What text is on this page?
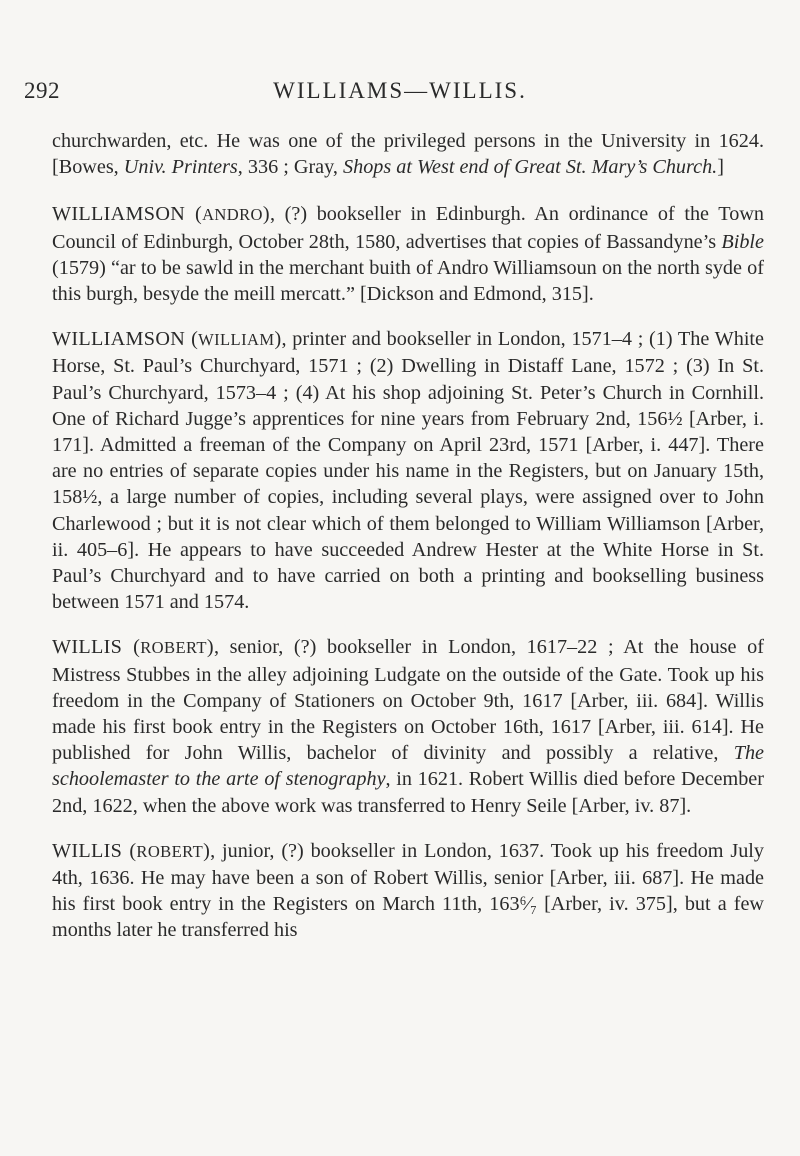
292	WILLIAMS—WILLIS.

churchwarden, etc. He was one of the privileged persons in the University in 1624. [Bowes, Univ. Printers, 336 ; Gray, Shops at West end of Great St. Mary’s Church.]

WILLIAMSON (ANDRO), (?) bookseller in Edinburgh. An ordinance of the Town Council of Edinburgh, October 28th, 1580, advertises that copies of Bassandyne’s Bible (1579) “ar to be sawld in the merchant buith of Andro Williamsoun on the north syde of this burgh, besyde the meill mercatt.” [Dickson and Edmond, 315].

WILLIAMSON (WILLIAM), printer and bookseller in London, 1571–4 ; (1) The White Horse, St. Paul’s Churchyard, 1571 ; (2) Dwelling in Distaff Lane, 1572 ; (3) In St. Paul’s Churchyard, 1573–4 ; (4) At his shop adjoining St. Peter’s Church in Cornhill. One of Richard Jugge’s apprentices for nine years from February 2nd, 156½ [Arber, i. 171]. Admitted a freeman of the Company on April 23rd, 1571 [Arber, i. 447]. There are no entries of separate copies under his name in the Registers, but on January 15th, 158½, a large number of copies, including several plays, were assigned over to John Charlewood ; but it is not clear which of them belonged to William Williamson [Arber, ii. 405–6]. He appears to have succeeded Andrew Hester at the White Horse in St. Paul’s Churchyard and to have carried on both a printing and bookselling business between 1571 and 1574.

WILLIS (ROBERT), senior, (?) bookseller in London, 1617–22 ; At the house of Mistress Stubbes in the alley adjoining Ludgate on the outside of the Gate. Took up his freedom in the Company of Stationers on October 9th, 1617 [Arber, iii. 684]. Willis made his first book entry in the Registers on October 16th, 1617 [Arber, iii. 614]. He published for John Willis, bachelor of divinity and possibly a relative, The schoolemaster to the arte of stenography, in 1621. Robert Willis died before December 2nd, 1622, when the above work was transferred to Henry Seile [Arber, iv. 87].

WILLIS (ROBERT), junior, (?) bookseller in London, 1637. Took up his freedom July 4th, 1636. He may have been a son of Robert Willis, senior [Arber, iii. 687]. He made his first book entry in the Registers on March 11th, 163⁶⁄₇ [Arber, iv. 375], but a few months later he transferred his
